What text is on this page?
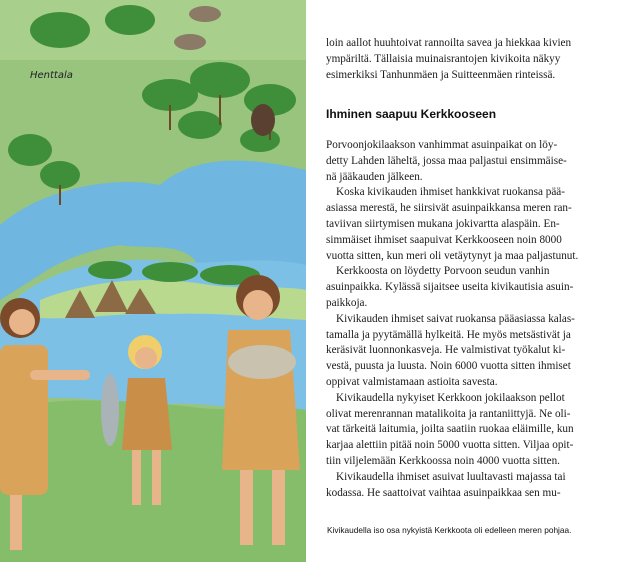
Henttala

loin aallot huuhtoivat rannoilta savea ja hiekkaa kivien

ympäriltä. Tällaisia muinaisrantojen kivikoita näkyy

esimerkiksi Tanhunmäen ja Suitteenmäen rinteissä.

Ihminen saapuu Kerkkooseen

Porvoonjokilaakson vanhimmat asuinpaikat on löy-

detty Lahden läheltä, jossa maa paljastui ensimmäise-

nä jääkauden jälkeen.

Koska kivikauden ihmiset hankkivat ruokansa pää-

asiassa merestä, he siirsivät asuinpaikkansa meren ran-

taviivan siirtymisen mukana jokivartta alaspäin. En-

simmäiset ihmiset saapuivat Kerkkooseen noin 8000

vuotta sitten, kun meri oli vetäytynyt ja maa paljastunut.

Kerkkoosta on löydetty Porvoon seudun vanhin

asuinpaikka. Kylässä sijaitsee useita kivikautisia asuin-

paikkoja.

Kivikauden ihmiset saivat ruokansa pääasiassa kalas-

tamalla ja pyytämällä hylkeitä. He myös metsästivät ja

keräsivät luonnonkasveja. He valmistivat työkalut ki-

vestä, puusta ja luusta. Noin 6000 vuotta sitten ihmiset

oppivat valmistamaan astioita savesta.

Kivikaudella nykyiset Kerkkoon jokilaakson pellot

olivat merenrannan matalikoita ja rantaniittyjä. Ne oli-

vat tärkeitä laitumia, joilta saatiin ruokaa eläimille, kun

karjaa alettiin pitää noin 5000 vuotta sitten. Viljaa opit-

tiin viljelemään Kerkkoossa noin 4000 vuotta sitten.

Kivikaudella ihmiset asuivat luultavasti majassa tai

kodassa. He saattoivat vaihtaa asuinpaikkaa sen mu-

Kivikaudella iso osa nykyistä Kerkkoota oli edelleen meren pohjaa.
